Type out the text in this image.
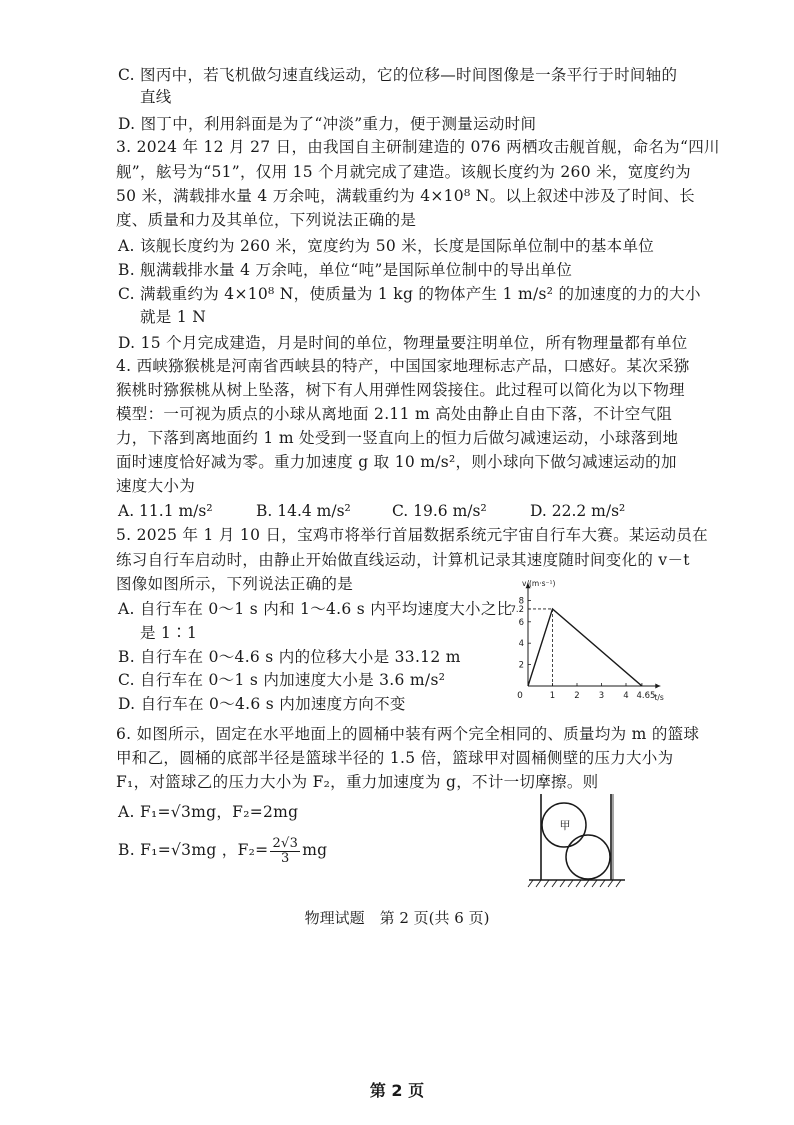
C. 图丙中，若飞机做匀速直线运动，它的位移—时间图像是一条平行于时间轴的
直线
D. 图丁中，利用斜面是为了“冲淡”重力，便于测量运动时间
3. 2024 年 12 月 27 日，由我国自主研制建造的 076 两栖攻击舰首舰，命名为“四川
舰”，舷号为“51”，仅用 15 个月就完成了建造。该舰长度约为 260 米，宽度约为
50 米，满载排水量 4 万余吨，满载重约为 4×10⁸ N。以上叙述中涉及了时间、长
度、质量和力及其单位，下列说法正确的是
A. 该舰长度约为 260 米，宽度约为 50 米，长度是国际单位制中的基本单位
B. 舰满载排水量 4 万余吨，单位“吨”是国际单位制中的导出单位
C. 满载重约为 4×10⁸ N，使质量为 1 kg 的物体产生 1 m/s² 的加速度的力的大小
就是 1 N
D. 15 个月完成建造，月是时间的单位，物理量要注明单位，所有物理量都有单位
4. 西峡猕猴桃是河南省西峡县的特产，中国国家地理标志产品，口感好。某次采猕
猴桃时猕猴桃从树上坠落，树下有人用弹性网袋接住。此过程可以简化为以下物理
模型：一可视为质点的小球从离地面 2.11 m 高处由静止自由下落，不计空气阻
力，下落到离地面约 1 m 处受到一竖直向上的恒力后做匀减速运动，小球落到地
面时速度恰好减为零。重力加速度 g 取 10 m/s²，则小球向下做匀减速运动的加
速度大小为
A. 11.1 m/s²	B. 14.4 m/s²	C. 19.6 m/s²	D. 22.2 m/s²
5. 2025 年 1 月 10 日，宝鸡市将举行首届数据系统元宇宙自行车大赛。某运动员在
练习自行车启动时，由静止开始做直线运动，计算机记录其速度随时间变化的 v－t
图像如图所示，下列说法正确的是
A. 自行车在 0～1 s 内和 1～4.6 s 内平均速度大小之比
是 1∶1
B. 自行车在 0～4.6 s 内的位移大小是 33.12 m
C. 自行车在 0～1 s 内加速度大小是 3.6 m/s²
D. 自行车在 0～4.6 s 内加速度方向不变	t/s
v/(m·s⁻¹)
0
2
4
6
7.2
8
1 2 3 4 4.65
6. 如图所示，固定在水平地面上的圆桶中装有两个完全相同的、质量均为 m 的篮球
甲和乙，圆桶的底部半径是篮球半径的 1.5 倍，篮球甲对圆桶侧壁的压力大小为
F₁，对篮球乙的压力大小为 F₂，重力加速度为 g，不计一切摩擦。则
A. F₁=√3mg，F₂=2mg
B. F₁=√3mg ，$F_2= \frac{2√3}{3}$ mg
甲
物理试题　第 2 页(共 6 页)
第 2 页
